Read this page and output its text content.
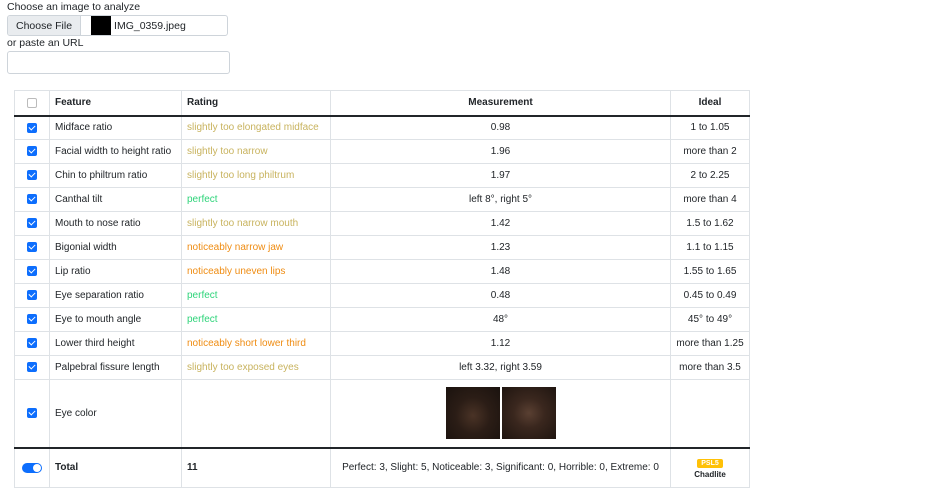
Choose an image to analyze
Choose File	IMG_0359.jpeg
or paste an URL
	Feature	Rating	Measurement	Ideal
	Midface ratio	slightly too elongated midface	0.98	1 to 1.05
	Facial width to height ratio	slightly too narrow	1.96	more than 2
	Chin to philtrum ratio	slightly too long philtrum	1.97	2 to 2.25
	Canthal tilt	perfect	left 8°, right 5°	more than 4
	Mouth to nose ratio	slightly too narrow mouth	1.42	1.5 to 1.62
	Bigonial width	noticeably narrow jaw	1.23	1.1 to 1.15
	Lip ratio	noticeably uneven lips	1.48	1.55 to 1.65
	Eye separation ratio	perfect	0.48	0.45 to 0.49
	Eye to mouth angle	perfect	48°	45° to 49°
	Lower third height	noticeably short lower third	1.12	more than 1.25
	Palpebral fissure length	slightly too exposed eyes	left 3.32, right 3.59	more than 3.5
	Eye color		

	Total	11	Perfect: 3, Slight: 5, Noticeable: 3, Significant: 0, Horrible: 0, Extreme: 0	PSL5
Chadlite
